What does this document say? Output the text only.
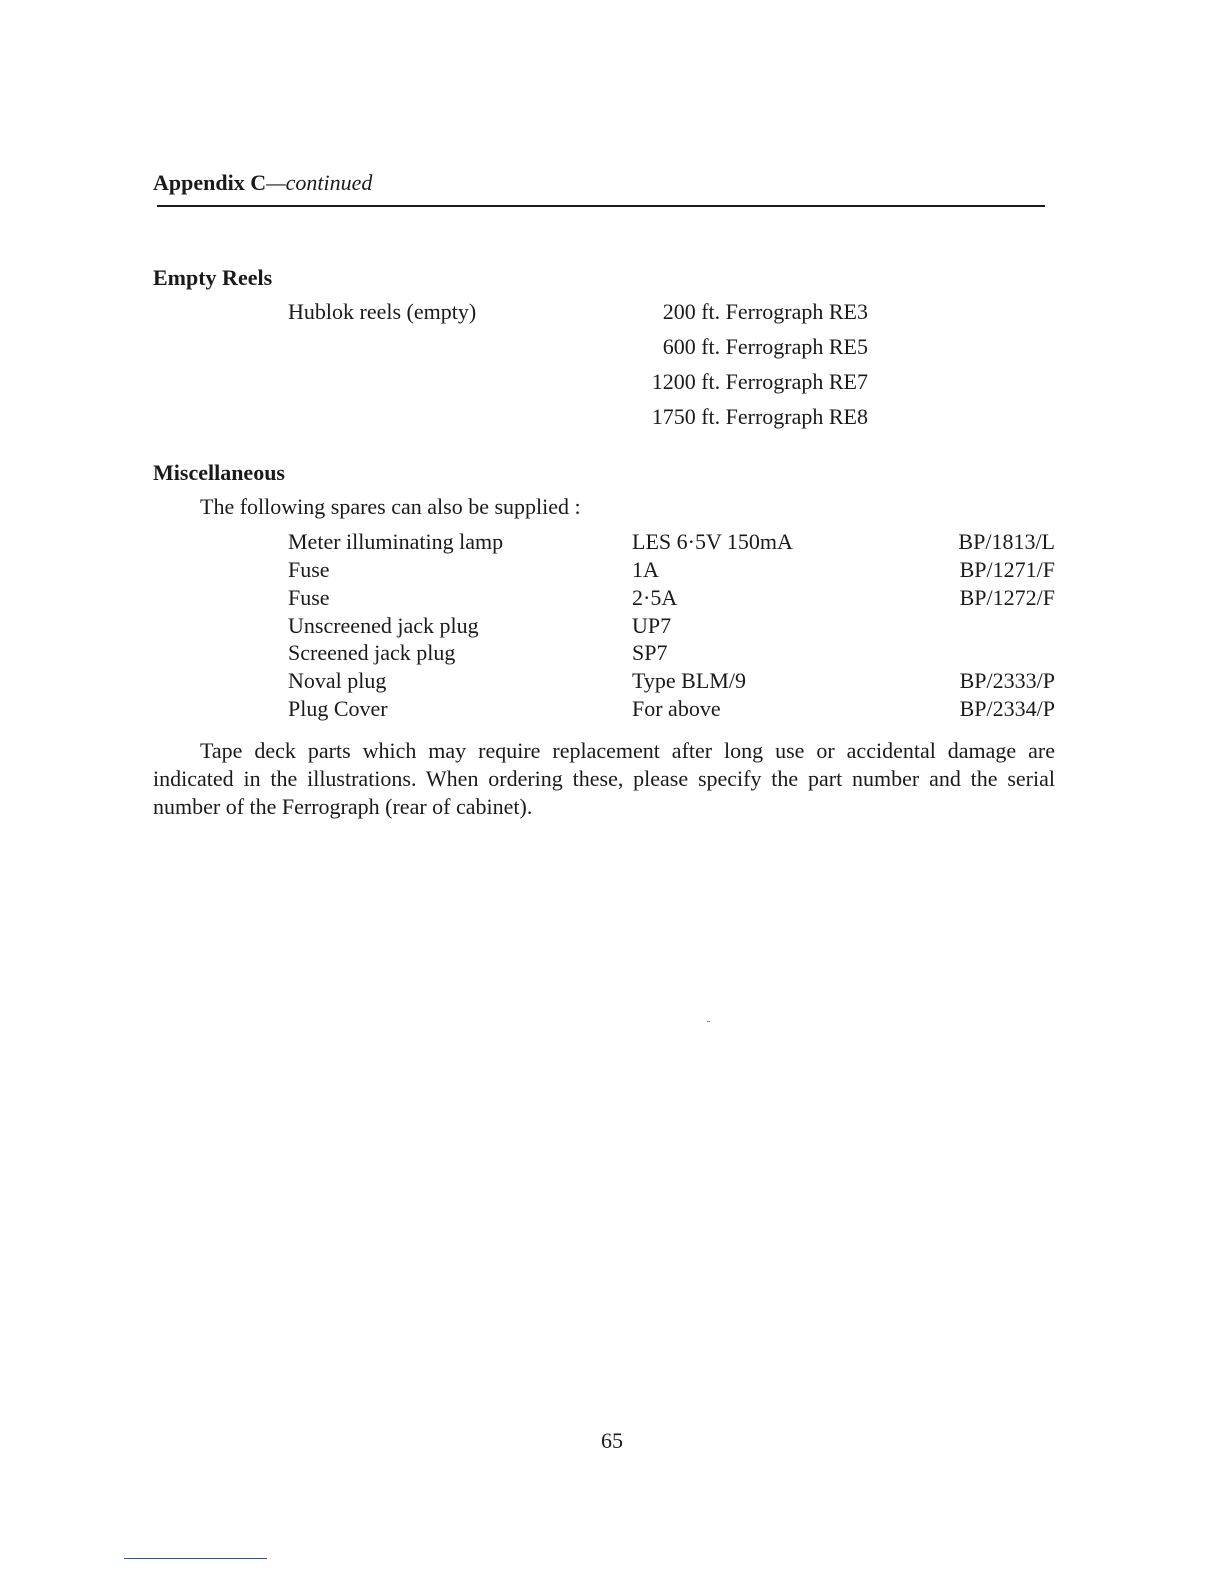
Appendix C—continued
Empty Reels
Hublok reels (empty)	200 ft. Ferrograph RE3
600 ft. Ferrograph RE5
1200 ft. Ferrograph RE7
1750 ft. Ferrograph RE8
Miscellaneous
The following spares can also be supplied :
Meter illuminating lamp	LES 6·5V 150mA	BP/1813/L
Fuse	1A	BP/1271/F
Fuse	2·5A	BP/1272/F
Unscreened jack plug	UP7
Screened jack plug	SP7
Noval plug	Type BLM/9	BP/2333/P
Plug Cover	For above	BP/2334/P
Tape deck parts which may require replacement after long use or accidental damage are indicated in the illustrations. When ordering these, please specify the part number and the serial number of the Ferrograph (rear of cabinet).
65
